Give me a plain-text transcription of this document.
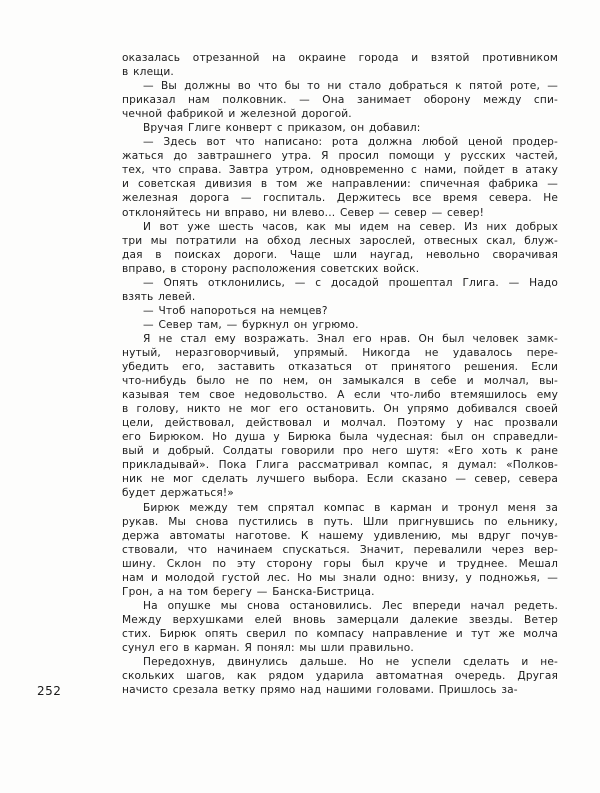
252
оказалась отрезанной на окраине города и взятой противником
в клещи.
— Вы должны во что бы то ни стало добраться к пятой роте, —
приказал нам полковник. — Она занимает оборону между спи-
чечной фабрикой и железной дорогой.
Вручая Глиге конверт с приказом, он добавил:
— Здесь вот что написано: рота должна любой ценой продер-
жаться до завтрашнего утра. Я просил помощи у русских частей,
тех, что справа. Завтра утром, одновременно с нами, пойдет в атаку
и советская дивизия в том же направлении: спичечная фабрика —
железная дорога — госпиталь. Держитесь все время севера. Не
отклоняйтесь ни вправо, ни влево... Север — север — север!
И вот уже шесть часов, как мы идем на север. Из них добрых
три мы потратили на обход лесных зарослей, отвесных скал, блуж-
дая в поисках дороги. Чаще шли наугад, невольно сворачивая
вправо, в сторону расположения советских войск.
— Опять отклонились, — с досадой прошептал Глига. — Надо
взять левей.
— Чтоб напороться на немцев?
— Север там, — буркнул он угрюмо.
Я не стал ему возражать. Знал его нрав. Он был человек замк-
нутый, неразговорчивый, упрямый. Никогда не удавалось пере-
убедить его, заставить отказаться от принятого решения. Если
что-нибудь было не по нем, он замыкался в себе и молчал, вы-
казывая тем свое недовольство. А если что-либо втемяшилось ему
в голову, никто не мог его остановить. Он упрямо добивался своей
цели, действовал, действовал и молчал. Поэтому у нас прозвали
его Бирюком. Но душа у Бирюка была чудесная: был он справедли-
вый и добрый. Солдаты говорили про него шутя: «Его хоть к ране
прикладывай». Пока Глига рассматривал компас, я думал: «Полков-
ник не мог сделать лучшего выбора. Если сказано — север, севера
будет держаться!»
Бирюк между тем спрятал компас в карман и тронул меня за
рукав. Мы снова пустились в путь. Шли пригнувшись по ельнику,
держа автоматы наготове. К нашему удивлению, мы вдруг почув-
ствовали, что начинаем спускаться. Значит, перевалили через вер-
шину. Склон по эту сторону горы был круче и труднее. Мешал
нам и молодой густой лес. Но мы знали одно: внизу, у подножья, —
Грон, а на том берегу — Банска-Бистрица.
На опушке мы снова остановились. Лес впереди начал редеть.
Между верхушками елей вновь замерцали далекие звезды. Ветер
стих. Бирюк опять сверил по компасу направление и тут же молча
сунул его в карман. Я понял: мы шли правильно.
Передохнув, двинулись дальше. Но не успели сделать и не-
скольких шагов, как рядом ударила автоматная очередь. Другая
начисто срезала ветку прямо над нашими головами. Пришлось за-
